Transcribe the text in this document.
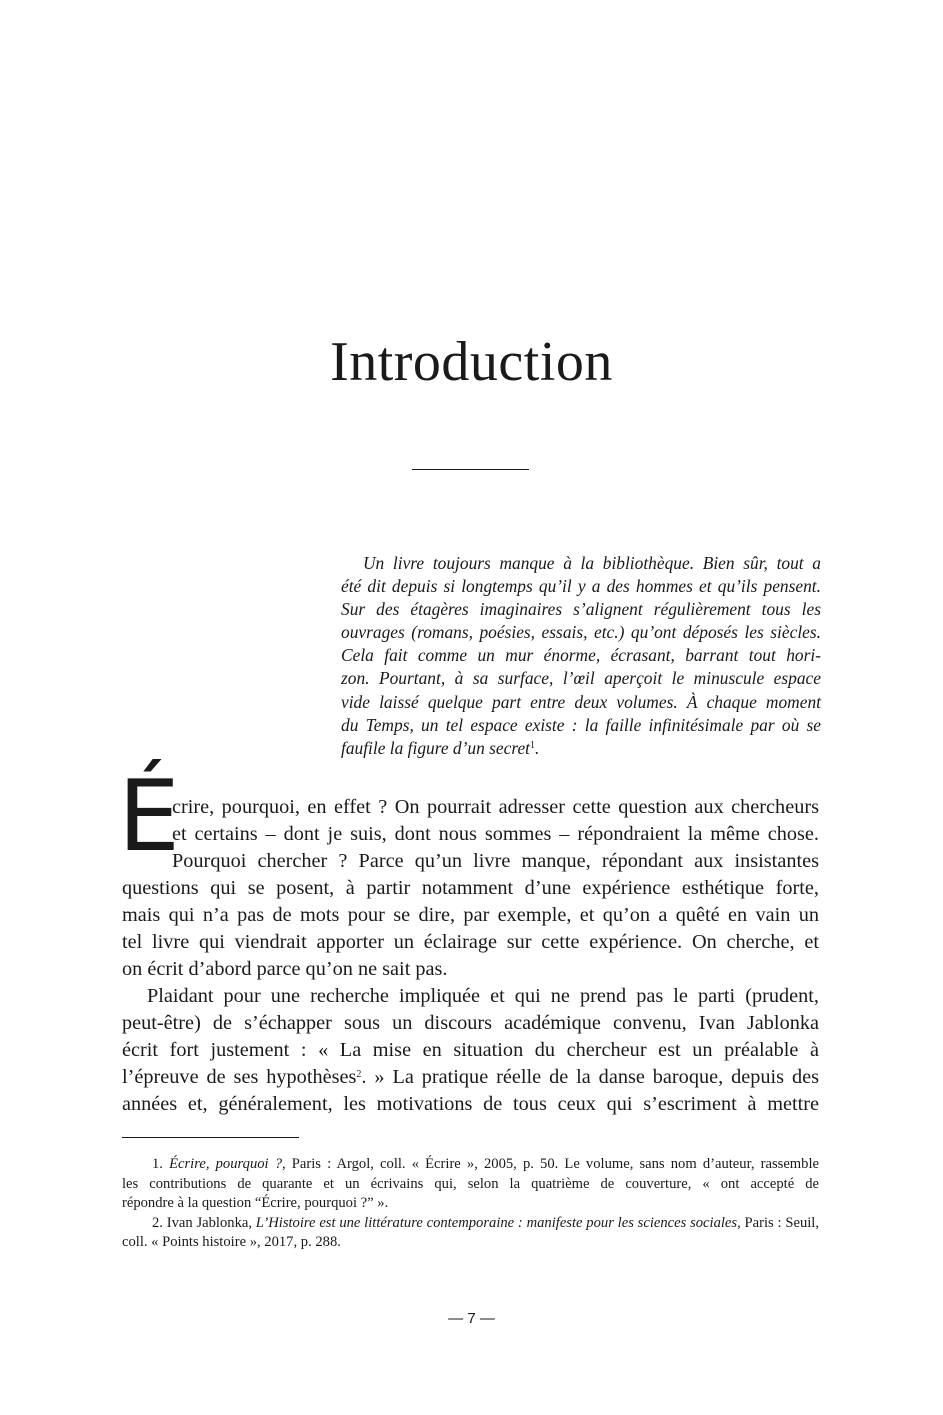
Introduction
Un livre toujours manque à la bibliothèque. Bien sûr, tout a
été dit depuis si longtemps qu’il y a des hommes et qu’ils pensent.
Sur des étagères imaginaires s’alignent régulièrement tous les
ouvrages (romans, poésies, essais, etc.) qu’ont déposés les siècles.
Cela fait comme un mur énorme, écrasant, barrant tout hori-
zon. Pourtant, à sa surface, l’œil aperçoit le minuscule espace
vide laissé quelque part entre deux volumes. À chaque moment
du Temps, un tel espace existe : la faille infinitésimale par où se
faufile la figure d’un secret$^1$.
É
crire, pourquoi, en effet ? On pourrait adresser cette question aux chercheurs
et certains – dont je suis, dont nous sommes – répondraient la même chose.
Pourquoi chercher ? Parce qu’un livre manque, répondant aux insistantes
questions qui se posent, à partir notamment d’une expérience esthétique forte,
mais qui n’a pas de mots pour se dire, par exemple, et qu’on a quêté en vain un
tel livre qui viendrait apporter un éclairage sur cette expérience. On cherche, et
on écrit d’abord parce qu’on ne sait pas.
Plaidant pour une recherche impliquée et qui ne prend pas le parti (prudent,
peut-être) de s’échapper sous un discours académique convenu, Ivan Jablonka
écrit fort justement : « La mise en situation du chercheur est un préalable à
l’épreuve de ses hypothèses$^2$. » La pratique réelle de la danse baroque, depuis des
années et, généralement, les motivations de tous ceux qui s’escriment à mettre
1. Écrire, pourquoi ?, Paris : Argol, coll. « Écrire », 2005, p. 50. Le volume, sans nom d’auteur, rassemble
les contributions de quarante et un écrivains qui, selon la quatrième de couverture, « ont accepté de
répondre à la question “Écrire, pourquoi ?” ».
2. Ivan Jablonka, L’Histoire est une littérature contemporaine : manifeste pour les sciences sociales, Paris : Seuil,
coll. « Points histoire », 2017, p. 288.
— 7 —
